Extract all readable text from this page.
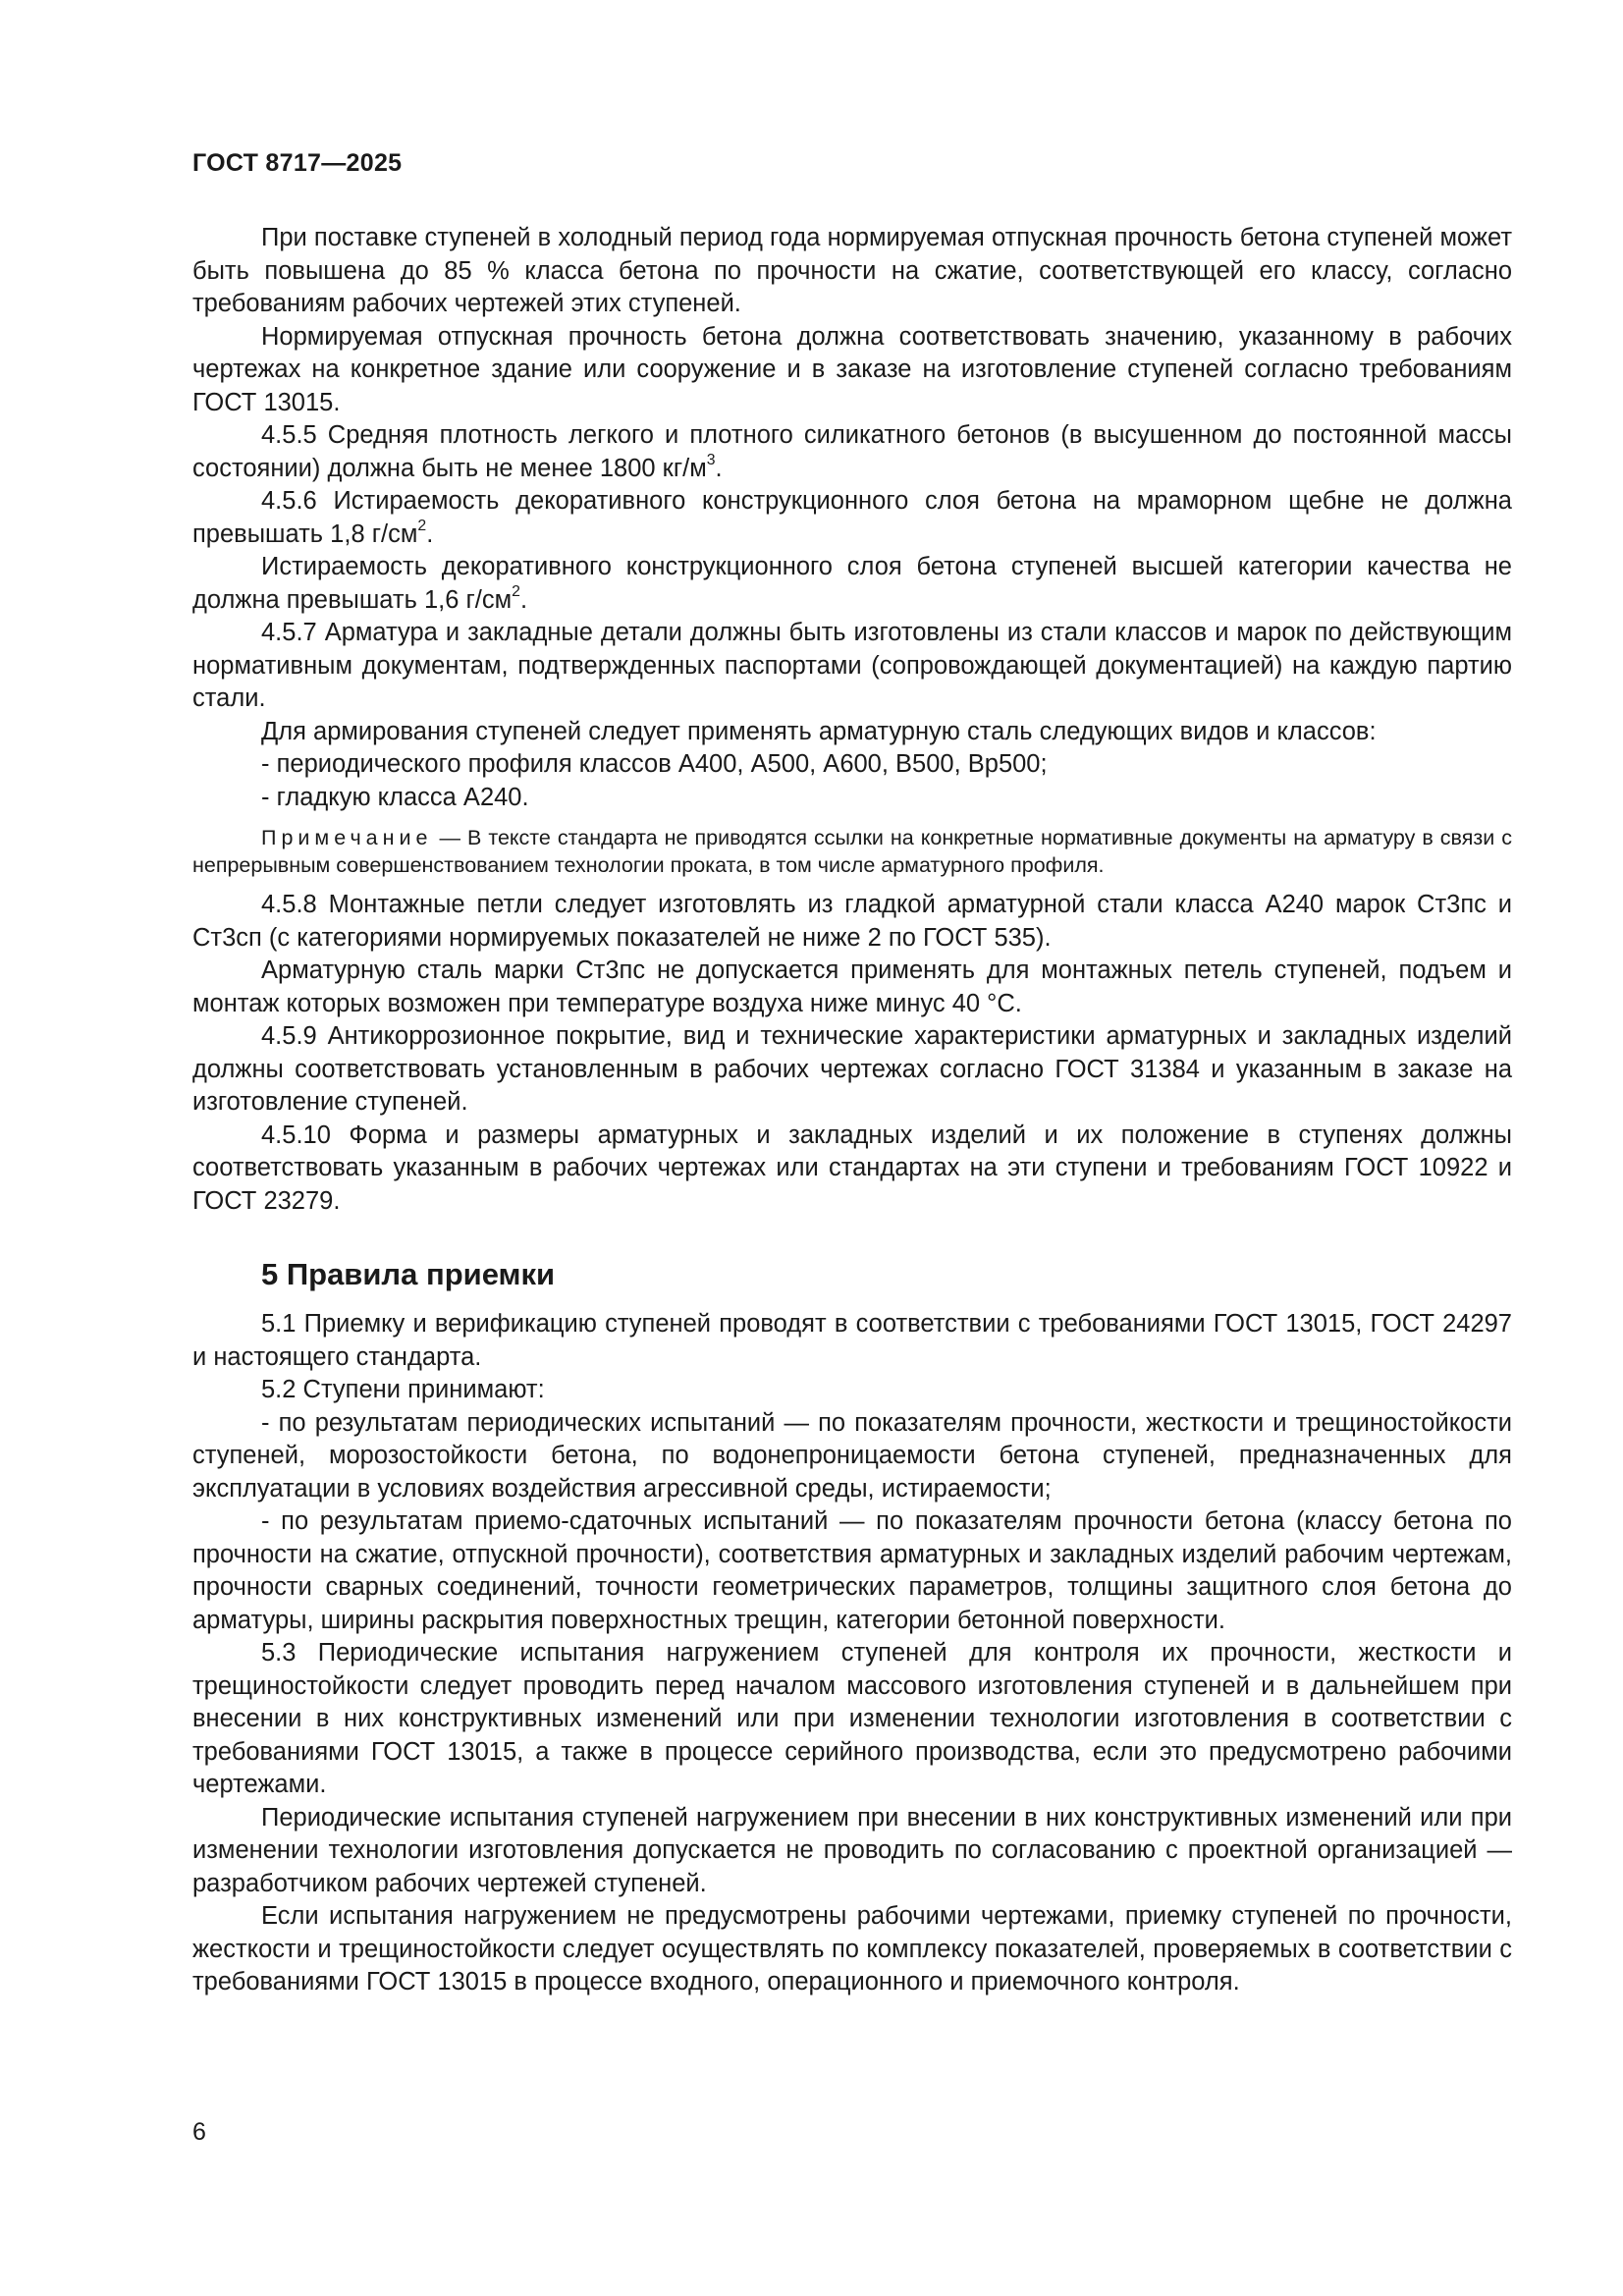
ГОСТ 8717—2025

При поставке ступеней в холодный период года нормируемая отпускная прочность бетона ступеней может быть повышена до 85 % класса бетона по прочности на сжатие, соответствующей его классу, согласно требованиям рабочих чертежей этих ступеней.

Нормируемая отпускная прочность бетона должна соответствовать значению, указанному в рабочих чертежах на конкретное здание или сооружение и в заказе на изготовление ступеней согласно требованиям ГОСТ 13015.

4.5.5 Средняя плотность легкого и плотного силикатного бетонов (в высушенном до постоянной массы состоянии) должна быть не менее 1800 $кг/м^3$.

4.5.6 Истираемость декоративного конструкционного слоя бетона на мраморном щебне не должна превышать 1,8 $г/см^2$.

Истираемость декоративного конструкционного слоя бетона ступеней высшей категории качества не должна превышать 1,6 $г/см^2$.

4.5.7 Арматура и закладные детали должны быть изготовлены из стали классов и марок по действующим нормативным документам, подтвержденных паспортами (сопровождающей документацией) на каждую партию стали.

Для армирования ступеней следует применять арматурную сталь следующих видов и классов:

- периодического профиля классов А400, А500, А600, В500, Вр500;

- гладкую класса А240.

Примечание — В тексте стандарта не приводятся ссылки на конкретные нормативные документы на арматуру в связи с непрерывным совершенствованием технологии проката, в том числе арматурного профиля.

4.5.8 Монтажные петли следует изготовлять из гладкой арматурной стали класса А240 марок Ст3пс и Ст3сп (с категориями нормируемых показателей не ниже 2 по ГОСТ 535).

Арматурную сталь марки Ст3пс не допускается применять для монтажных петель ступеней, подъем и монтаж которых возможен при температуре воздуха ниже минус 40 °С.

4.5.9 Антикоррозионное покрытие, вид и технические характеристики арматурных и закладных изделий должны соответствовать установленным в рабочих чертежах согласно ГОСТ 31384 и указанным в заказе на изготовление ступеней.

4.5.10 Форма и размеры арматурных и закладных изделий и их положение в ступенях должны соответствовать указанным в рабочих чертежах или стандартах на эти ступени и требованиям ГОСТ 10922 и ГОСТ 23279.

5 Правила приемки

5.1 Приемку и верификацию ступеней проводят в соответствии с требованиями ГОСТ 13015, ГОСТ 24297 и настоящего стандарта.

5.2 Ступени принимают:

- по результатам периодических испытаний — по показателям прочности, жесткости и трещиностойкости ступеней, морозостойкости бетона, по водонепроницаемости бетона ступеней, предназначенных для эксплуатации в условиях воздействия агрессивной среды, истираемости;

- по результатам приемо-сдаточных испытаний — по показателям прочности бетона (классу бетона по прочности на сжатие, отпускной прочности), соответствия арматурных и закладных изделий рабочим чертежам, прочности сварных соединений, точности геометрических параметров, толщины защитного слоя бетона до арматуры, ширины раскрытия поверхностных трещин, категории бетонной поверхности.

5.3 Периодические испытания нагружением ступеней для контроля их прочности, жесткости и трещиностойкости следует проводить перед началом массового изготовления ступеней и в дальнейшем при внесении в них конструктивных изменений или при изменении технологии изготовления в соответствии с требованиями ГОСТ 13015, а также в процессе серийного производства, если это предусмотрено рабочими чертежами.

Периодические испытания ступеней нагружением при внесении в них конструктивных изменений или при изменении технологии изготовления допускается не проводить по согласованию с проектной организацией — разработчиком рабочих чертежей ступеней.

Если испытания нагружением не предусмотрены рабочими чертежами, приемку ступеней по прочности, жесткости и трещиностойкости следует осуществлять по комплексу показателей, проверяемых в соответствии с требованиями ГОСТ 13015 в процессе входного, операционного и приемочного контроля.

6
